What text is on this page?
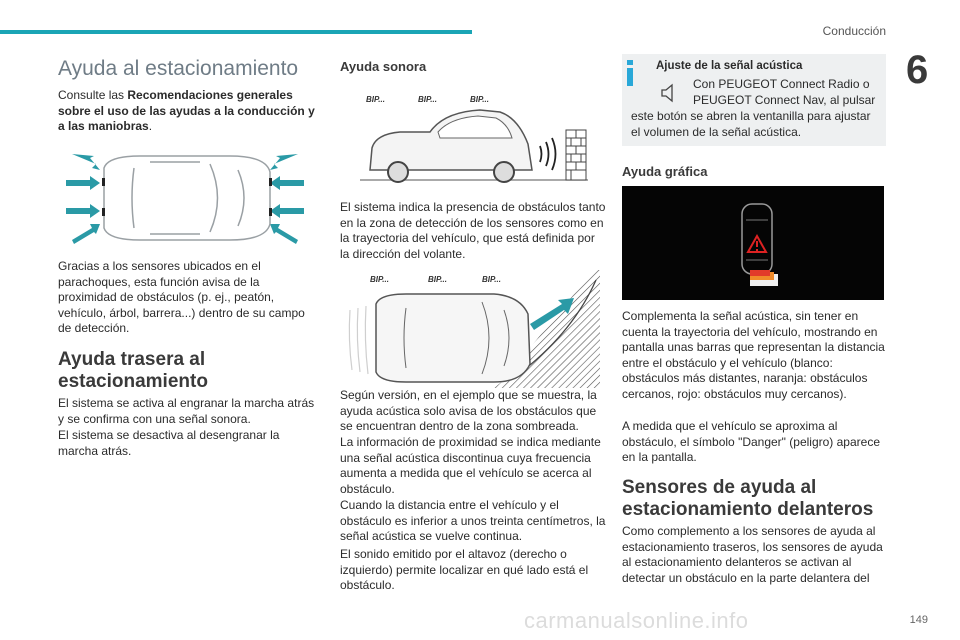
Conducción
6
Ayuda al estacionamiento

Consulte las Recomendaciones generales sobre el uso de las ayudas a la conducción y a las maniobras.

Gracias a los sensores ubicados en el parachoques, esta función avisa de la proximidad de obstáculos (p. ej., peatón, vehículo, árbol, barrera...) dentro de su campo de detección.

Ayuda trasera al estacionamiento

El sistema se activa al engranar la marcha atrás y se confirma con una señal sonora.

El sistema se desactiva al desengranar la marcha atrás.

Ayuda sonora
BIP...	BIP...	BIP...

El sistema indica la presencia de obstáculos tanto en la zona de detección de los sensores como en la trayectoria del vehículo, que está definida por la dirección del volante.

BIP...	BIP...	BIP...

Según versión, en el ejemplo que se muestra, la ayuda acústica solo avisa de los obstáculos que se encuentran dentro de la zona sombreada.

La información de proximidad se indica mediante una señal acústica discontinua cuya frecuencia aumenta a medida que el vehículo se acerca al obstáculo.

Cuando la distancia entre el vehículo y el obstáculo es inferior a unos treinta centímetros, la señal acústica se vuelve continua.

El sonido emitido por el altavoz (derecho o izquierdo) permite localizar en qué lado está el obstáculo.

Ajuste de la señal acústica
Con PEUGEOT Connect Radio o PEUGEOT Connect Nav, al pulsar
este botón se abren la ventanilla para ajustar el volumen de la señal acústica.
Ayuda gráfica

Complementa la señal acústica, sin tener en cuenta la trayectoria del vehículo, mostrando en pantalla unas barras que representan la distancia entre el obstáculo y el vehículo (blanco: obstáculos más distantes, naranja: obstáculos cercanos, rojo: obstáculos muy cercanos).

A medida que el vehículo se aproxima al obstáculo, el símbolo "Danger" (peligro) aparece en la pantalla.

Sensores de ayuda al estacionamiento delanteros

Como complemento a los sensores de ayuda al estacionamiento traseros, los sensores de ayuda al estacionamiento delanteros se activan al detectar un obstáculo en la parte delantera del

149
carmanualsonline.info
